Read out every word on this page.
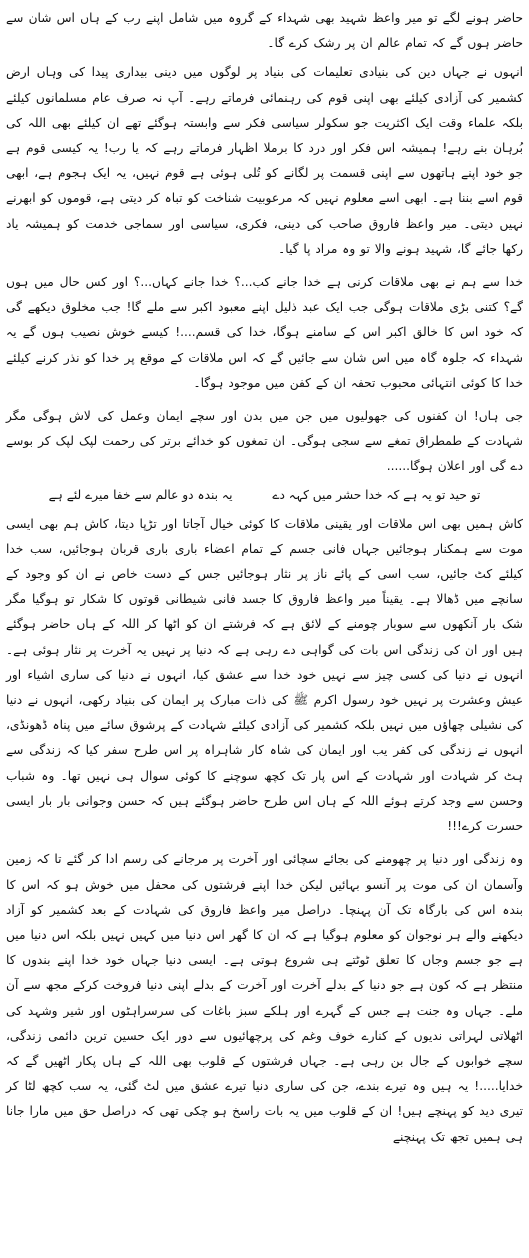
حاضر ہونے لگے تو میر واعظ شہید بھی شہداء کے گروہ میں شامل اپنے رب کے ہاں اس شان سے حاضر ہوں گے کہ تمام عالم ان پر رشک کرے گا۔

انہوں نے جہاں دین کی بنیادی تعلیمات کی بنیاد پر لوگوں میں دینی بیداری پیدا کی وہاں ارض کشمیر کی آزادی کیلئے بھی اپنی قوم کی رہنمائی فرماتے رہے۔ آپ نہ صرف عام مسلمانوں کیلئے بلکہ علماء وقت ایک اکثریت جو سکولر سیاسی فکر سے وابستہ ہوگئے تھے ان کیلئے بھی اللہ کی بُرہان بنے رہے! ہمیشہ اس فکر اور درد کا برملا اظہار فرماتے رہے کہ یا رب! یہ کیسی قوم ہے جو خود اپنے ہاتھوں سے اپنی قسمت پر لگانے کو تُلی ہوئی ہے قوم نہیں، یہ ایک ہجوم ہے، ابھی قوم اسے بننا ہے۔ ابھی اسے معلوم نہیں کہ مرعوبیت شناخت کو تباہ کر دیتی ہے، قوموں کو ابھرنے نہیں دیتی۔ میر واعظ فاروق صاحب کی دینی، فکری، سیاسی اور سماجی خدمت کو ہمیشہ یاد رکھا جائے گا، شہید ہونے والا تو وہ مراد پا گیا۔

خدا سے ہم نے بھی ملاقات کرنی ہے خدا جانے کب...؟ خدا جانے کہاں...؟ اور کس حال میں ہوں گے؟ کتنی بڑی ملاقات ہوگی جب ایک عبد ذلیل اپنے معبود اکبر سے ملے گا! جب مخلوق دیکھے گی کہ خود اس کا خالق اکبر اس کے سامنے ہوگا، خدا کی قسم....! کیسے خوش نصیب ہوں گے یہ شہداء کہ جلوہ گاہ میں اس شان سے جائیں گے کہ اس ملاقات کے موقع پر خدا کو نذر کرنے کیلئے خدا کا کوئی انتہائی محبوب تحفہ ان کے کفن میں موجود ہوگا۔

جی ہاں! ان کفنوں کی جھولیوں میں جن میں بدن اور سچے ایمان وعمل کی لاش ہوگی مگر شہادت کے طمطراق تمغے سے سجی ہوگی۔ ان تمغوں کو خدائے برتر کی رحمت لپک لپک کر بوسے دے گی اور اعلان ہوگا......

تو حید تو یہ ہے کہ خدا حشر میں کہہ دے یہ بندہ دو عالم سے خفا میرے لئے ہے

کاش ہمیں بھی اس ملاقات اور یقینی ملاقات کا کوئی خیال آجاتا اور تڑپا دیتا، کاش ہم بھی ایسی موت سے ہمکنار ہوجائیں جہاں فانی جسم کے تمام اعضاء باری باری قربان ہوجائیں، سب خدا کیلئے کٹ جائیں، سب اسی کے پائے ناز پر نثار ہوجائیں جس کے دست خاص نے ان کو وجود کے سانچے میں ڈھالا ہے۔ یقیناً میر واعظ فاروق کا جسد فانی شیطانی قوتوں کا شکار تو ہوگیا مگر شک بار آنکھوں سے سوبار چومنے کے لائق ہے کہ فرشتے ان کو اٹھا کر اللہ کے ہاں حاضر ہوگئے ہیں اور ان کی زندگی اس بات کی گواہی دے رہی ہے کہ دنیا پر نہیں یہ آخرت پر نثار ہوئی ہے۔ انہوں نے دنیا کی کسی چیز سے نہیں خود خدا سے عشق کیا، انہوں نے دنیا کی ساری اشیاء اور عیش وعشرت پر نہیں خود رسول اکرم ﷺ کی ذات مبارک پر ایمان کی بنیاد رکھی، انہوں نے دنیا کی نشیلی چھاؤں میں نہیں بلکہ کشمیر کی آزادی کیلئے شہادت کے پرشوق سائے میں پناہ ڈھونڈی، انہوں نے زندگی کی کفر یب اور ایمان کی شاہ کار شاہراہ پر اس طرح سفر کیا کہ زندگی سے ہٹ کر شہادت اور شہادت کے اس پار تک کچھ سوچنے کا کوئی سوال ہی نہیں تھا۔ وہ شباب وحسن سے وجد کرتے ہوئے اللہ کے ہاں اس طرح حاضر ہوگئے ہیں کہ حسن وجوانی بار بار ایسی حسرت کرے!!!

وہ زندگی اور دنیا پر چھومنے کی بجائے سچائی اور آخرت پر مرجانے کی رسم ادا کر گئے تا کہ زمین وآسمان ان کی موت پر آنسو بہائیں لیکن خدا اپنے فرشتوں کی محفل میں خوش ہو کہ اس کا بندہ اس کی بارگاہ تک آن پہنچا۔ دراصل میر واعظ فاروق کی شہادت کے بعد کشمیر کو آزاد دیکھنے والے ہر نوجوان کو معلوم ہوگیا ہے کہ ان کا گھر اس دنیا میں کہیں نہیں بلکہ اس دنیا میں ہے جو جسم وجاں کا تعلق ٹوٹتے ہی شروع ہوتی ہے۔ ایسی دنیا جہاں خود خدا اپنے بندوں کا منتظر ہے کہ کون ہے جو دنیا کے بدلے آخرت اور آخرت کے بدلے اپنی دنیا فروخت کرکے مجھ سے آن ملے۔ جہاں وہ جنت ہے جس کے گہرے اور ہلکے سبز باغات کی سرسراہٹوں اور شیر وشہد کی اٹھلاتی لہراتی ندیوں کے کنارے خوف وغم کی پرچھائیوں سے دور ایک حسین ترین دائمی زندگی، سچے خوابوں کے جال بن رہی ہے۔ جہاں فرشتوں کے قلوب بھی اللہ کے ہاں پکار اٹھیں گے کہ خدایا.....! یہ ہیں وہ تیرے بندے، جن کی ساری دنیا تیرے عشق میں لٹ گئی، یہ سب کچھ لٹا کر تیری دید کو پہنچے ہیں! ان کے قلوب میں یہ بات راسخ ہو چکی تھی کہ دراصل حق میں مارا جانا ہی ہمیں تجھ تک پہنچنے
